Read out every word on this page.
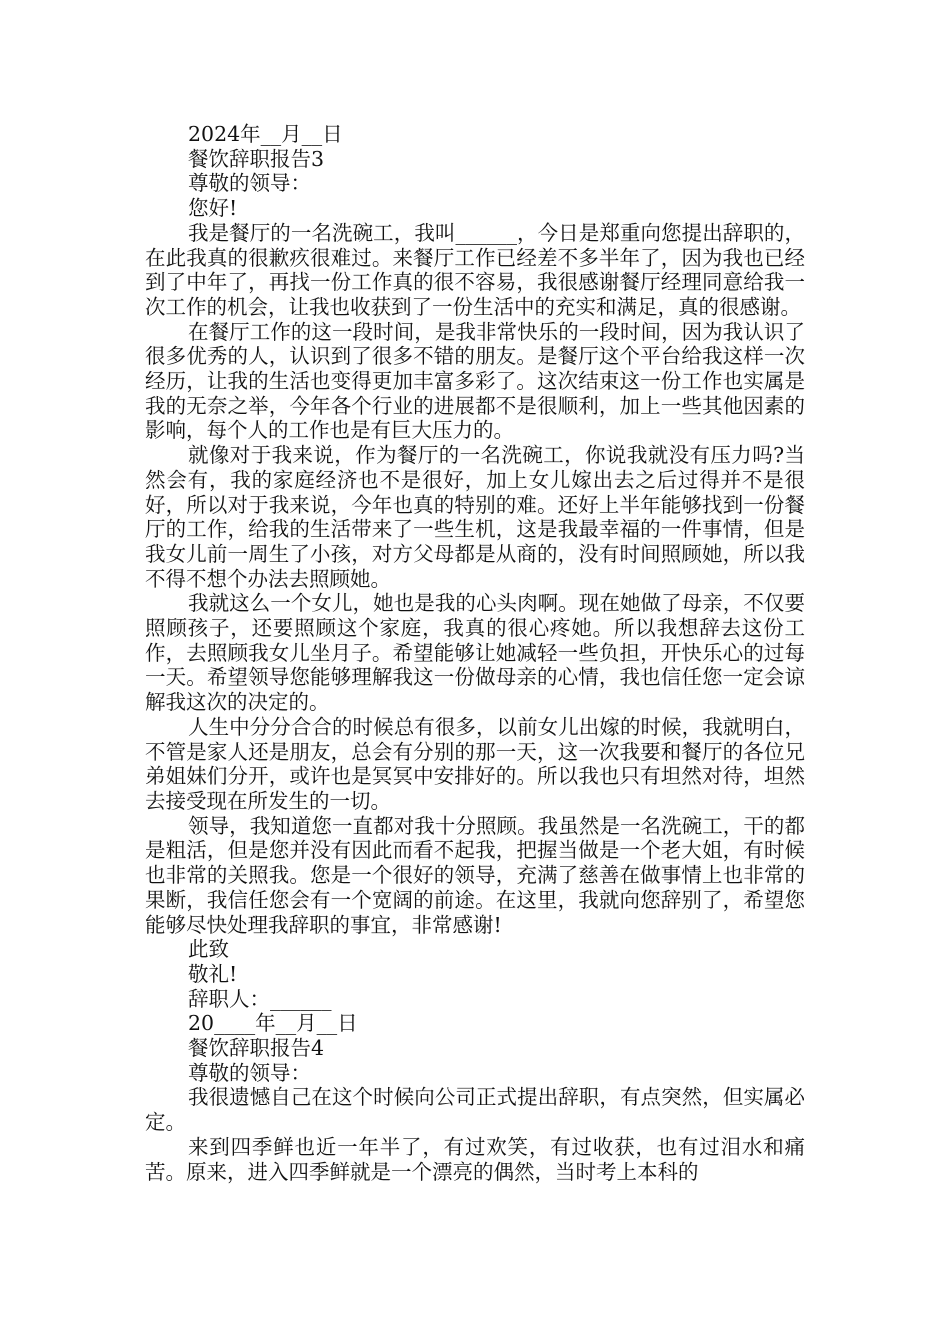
2024年__月__日

餐饮辞职报告3

尊敬的领导：

您好!

我是餐厅的一名洗碗工，我叫______，今日是郑重向您提出辞职的，在此我真的很歉疚很难过。来餐厅工作已经差不多半年了，因为我也已经到了中年了，再找一份工作真的很不容易，我很感谢餐厅经理同意给我一次工作的机会，让我也收获到了一份生活中的充实和满足，真的很感谢。

在餐厅工作的这一段时间，是我非常快乐的一段时间，因为我认识了很多优秀的人，认识到了很多不错的朋友。是餐厅这个平台给我这样一次经历，让我的生活也变得更加丰富多彩了。这次结束这一份工作也实属是我的无奈之举，今年各个行业的进展都不是很顺利，加上一些其他因素的影响，每个人的工作也是有巨大压力的。

就像对于我来说，作为餐厅的一名洗碗工，你说我就没有压力吗?当然会有，我的家庭经济也不是很好，加上女儿嫁出去之后过得并不是很好，所以对于我来说，今年也真的特别的难。还好上半年能够找到一份餐厅的工作，给我的生活带来了一些生机，这是我最幸福的一件事情，但是我女儿前一周生了小孩，对方父母都是从商的，没有时间照顾她，所以我不得不想个办法去照顾她。

我就这么一个女儿，她也是我的心头肉啊。现在她做了母亲，不仅要照顾孩子，还要照顾这个家庭，我真的很心疼她。所以我想辞去这份工作，去照顾我女儿坐月子。希望能够让她减轻一些负担，开快乐心的过每一天。希望领导您能够理解我这一份做母亲的心情，我也信任您一定会谅解我这次的决定的。

人生中分分合合的时候总有很多，以前女儿出嫁的时候，我就明白，不管是家人还是朋友，总会有分别的那一天，这一次我要和餐厅的各位兄弟姐妹们分开，或许也是冥冥中安排好的。所以我也只有坦然对待，坦然去接受现在所发生的一切。

领导，我知道您一直都对我十分照顾。我虽然是一名洗碗工，干的都是粗活，但是您并没有因此而看不起我，把握当做是一个老大姐，有时候也非常的关照我。您是一个很好的领导，充满了慈善在做事情上也非常的果断，我信任您会有一个宽阔的前途。在这里，我就向您辞别了，希望您能够尽快处理我辞职的事宜，非常感谢!

此致

敬礼!

辞职人：______

20____年__月__日

餐饮辞职报告4

尊敬的领导：

我很遗憾自己在这个时候向公司正式提出辞职，有点突然，但实属必定。

来到四季鲜也近一年半了，有过欢笑，有过收获，也有过泪水和痛苦。原来，进入四季鲜就是一个漂亮的偶然，当时考上本科的
